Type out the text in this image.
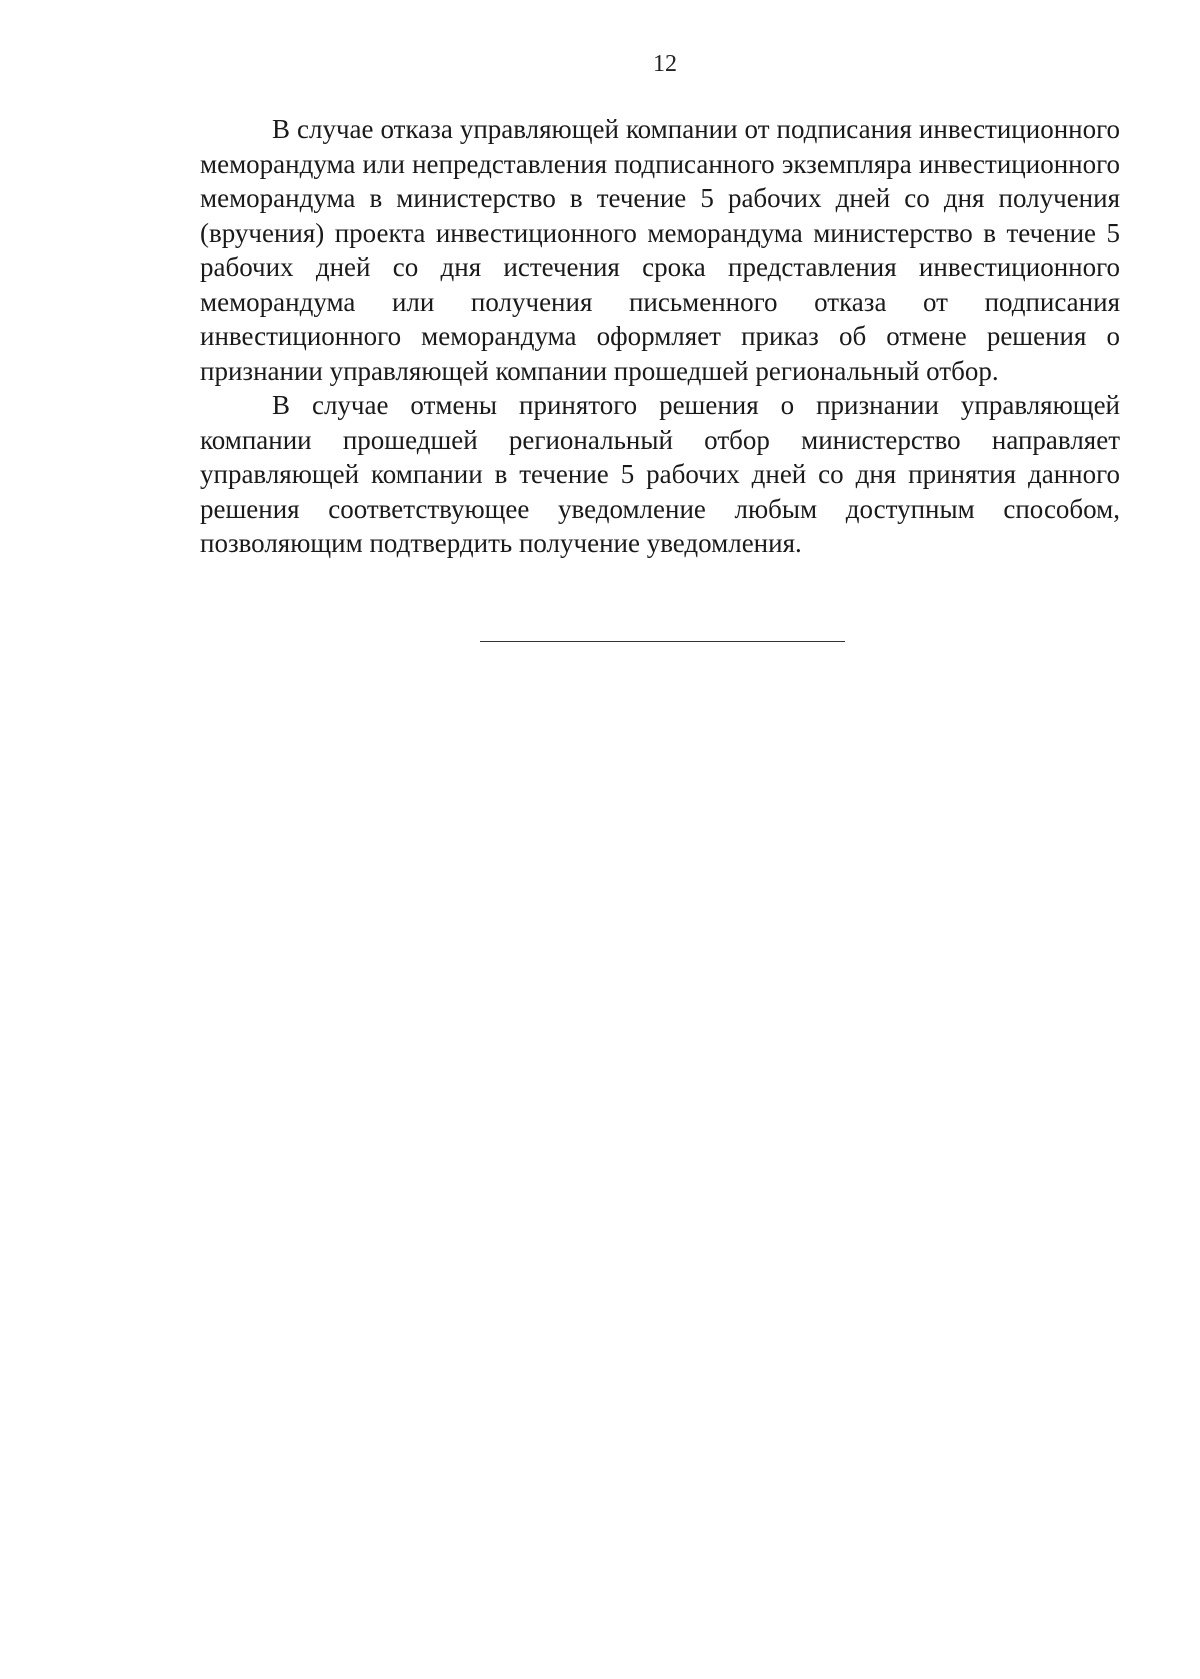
12

В случае отказа управляющей компании от подписания инвестиционного меморандума или непредставления подписанного экземпляра инвестиционного меморандума в министерство в течение 5 рабочих дней со дня получения (вручения) проекта инвестиционного меморандума министерство в течение 5 рабочих дней со дня истечения срока представления инвестиционного меморандума или получения письменного отказа от подписания инвестиционного меморандума оформляет приказ об отмене решения о признании управляющей компании прошедшей региональный отбор.

В случае отмены принятого решения о признании управляющей компании прошедшей региональный отбор министерство направляет управляющей компании в течение 5 рабочих дней со дня принятия данного решения соответствующее уведомление любым доступным способом, позволяющим подтвердить получение уведомления.
